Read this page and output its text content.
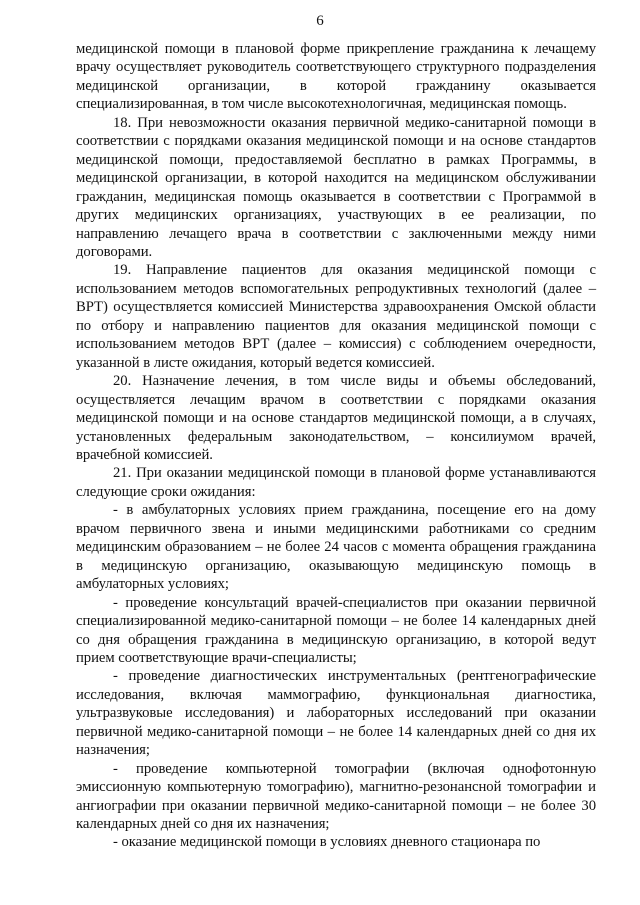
6

медицинской помощи в плановой форме прикрепление гражданина к лечащему врачу осуществляет руководитель соответствующего структурного подразделения медицинской организации, в которой гражданину оказывается специализированная, в том числе высокотехнологичная, медицинская помощь.

18. При невозможности оказания первичной медико-санитарной помощи в соответствии с порядками оказания медицинской помощи и на основе стандартов медицинской помощи, предоставляемой бесплатно в рамках Программы, в медицинской организации, в которой находится на медицинском обслуживании гражданин, медицинская помощь оказывается в соответствии с Программой в других медицинских организациях, участвующих в ее реализации, по направлению лечащего врача в соответствии с заключенными между ними договорами.

19. Направление пациентов для оказания медицинской помощи с использованием методов вспомогательных репродуктивных технологий (далее – ВРТ) осуществляется комиссией Министерства здравоохранения Омской области по отбору и направлению пациентов для оказания медицинской помощи с использованием методов ВРТ (далее – комиссия) с соблюдением очередности, указанной в листе ожидания, который ведется комиссией.

20. Назначение лечения, в том числе виды и объемы обследований, осуществляется лечащим врачом в соответствии с порядками оказания медицинской помощи и на основе стандартов медицинской помощи, а в случаях, установленных федеральным законодательством, – консилиумом врачей, врачебной комиссией.

21. При оказании медицинской помощи в плановой форме устанавливаются следующие сроки ожидания:

- в амбулаторных условиях прием гражданина, посещение его на дому врачом первичного звена и иными медицинскими работниками со средним медицинским образованием – не более 24 часов с момента обращения гражданина в медицинскую организацию, оказывающую медицинскую помощь в амбулаторных условиях;

- проведение консультаций врачей-специалистов при оказании первичной специализированной медико-санитарной помощи – не более 14 календарных дней со дня обращения гражданина в медицинскую организацию, в которой ведут прием соответствующие врачи-специалисты;

- проведение диагностических инструментальных (рентгенографические исследования, включая маммографию, функциональная диагностика, ультразвуковые исследования) и лабораторных исследований при оказании первичной медико-санитарной помощи – не более 14 календарных дней со дня их назначения;

- проведение компьютерной томографии (включая однофотонную эмиссионную компьютерную томографию), магнитно-резонансной томографии и ангиографии при оказании первичной медико-санитарной помощи – не более 30 календарных дней со дня их назначения;

- оказание медицинской помощи в условиях дневного стационара по
